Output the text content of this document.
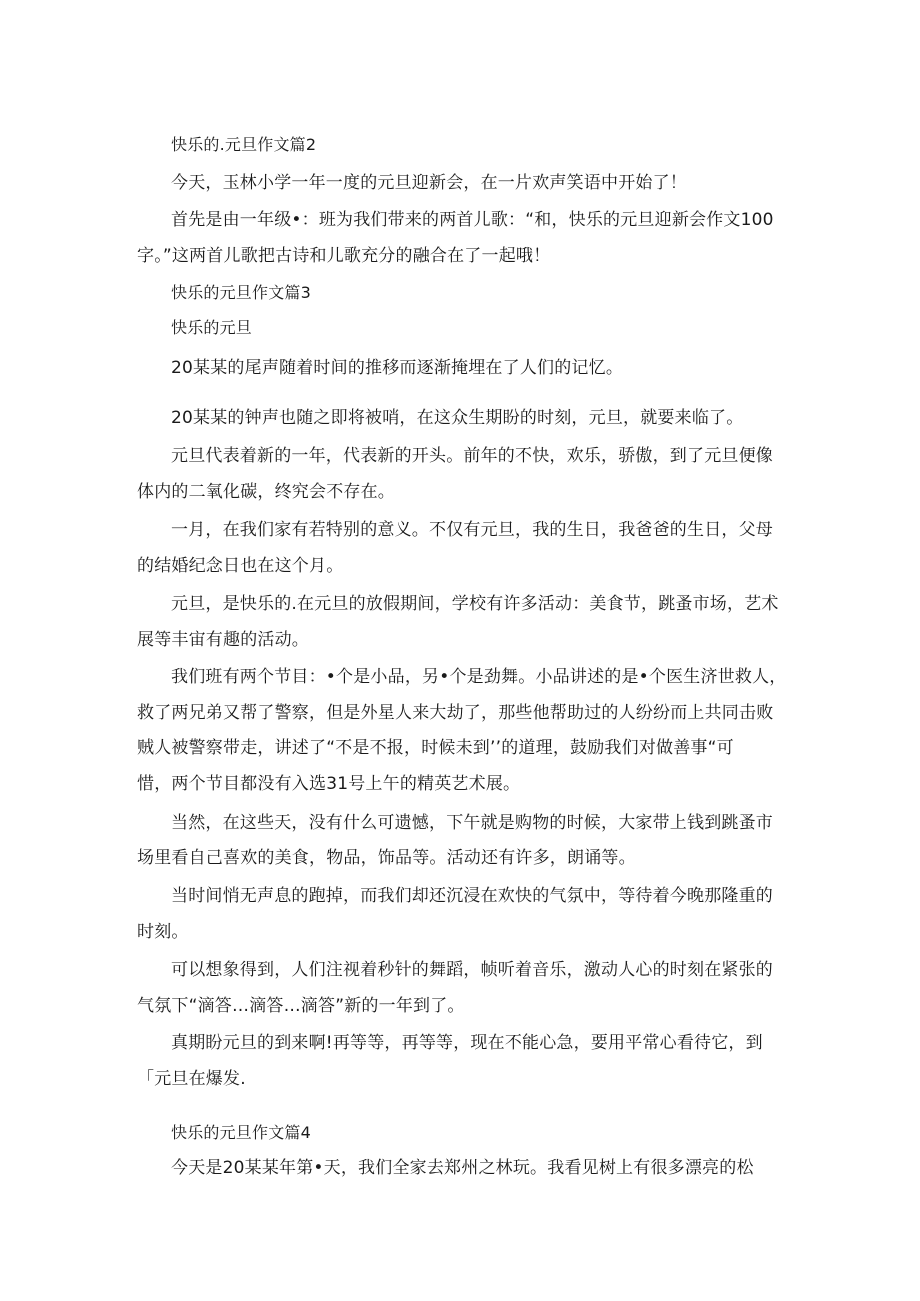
快乐的.元旦作文篇2
今天，玉林小学一年一度的元旦迎新会，在一片欢声笑语中开始了！
首先是由一年级•：班为我们带来的两首儿歌：“和，快乐的元旦迎新会作文100
字。”这两首儿歌把古诗和儿歌充分的融合在了一起哦！
快乐的元旦作文篇3
快乐的元旦
20某某的尾声随着时间的推移而逐渐掩埋在了人们的记忆。
20某某的钟声也随之即将被哨，在这众生期盼的时刻，元旦，就要来临了。
元旦代表着新的一年，代表新的开头。前年的不快，欢乐，骄傲，到了元旦便像
体内的二氧化碳，终究会不存在。
一月，在我们家有若特别的意义。不仅有元旦，我的生日，我爸爸的生日，父母
的结婚纪念日也在这个月。
元旦，是快乐的.在元旦的放假期间，学校有许多活动：美食节，跳蚤市场，艺术
展等丰宙有趣的活动。
我们班有两个节目：•个是小品，另•个是劲舞。小品讲述的是•个医生济世救人，
救了两兄弟又帮了警察，但是外星人来大劫了，那些他帮助过的人纷纷而上共同击败
贼人被警察带走，讲述了“不是不报，时候未到’’的道理，鼓励我们对做善事“可
惜，两个节目都没有入选31号上午的精英艺术展。
当然，在这些天，没有什么可遗憾，下午就是购物的时候，大家带上钱到跳蚤市
场里看自己喜欢的美食，物品，饰品等。活动还有许多，朗诵等。
当时间悄无声息的跑掉，而我们却还沉浸在欢快的气氛中，等待着今晚那隆重的
时刻。
可以想象得到，人们注视着秒针的舞蹈，帧听着音乐，激动人心的时刻在紧张的
气氛下“滴答…滴答…滴答”新的一年到了。
真期盼元旦的到来啊!再等等，再等等，现在不能心急，要用平常心看待它，到
「元旦在爆发.
快乐的元旦作文篇4
今天是20某某年第•天，我们全家去郑州之林玩。我看见树上有很多漂亮的松
